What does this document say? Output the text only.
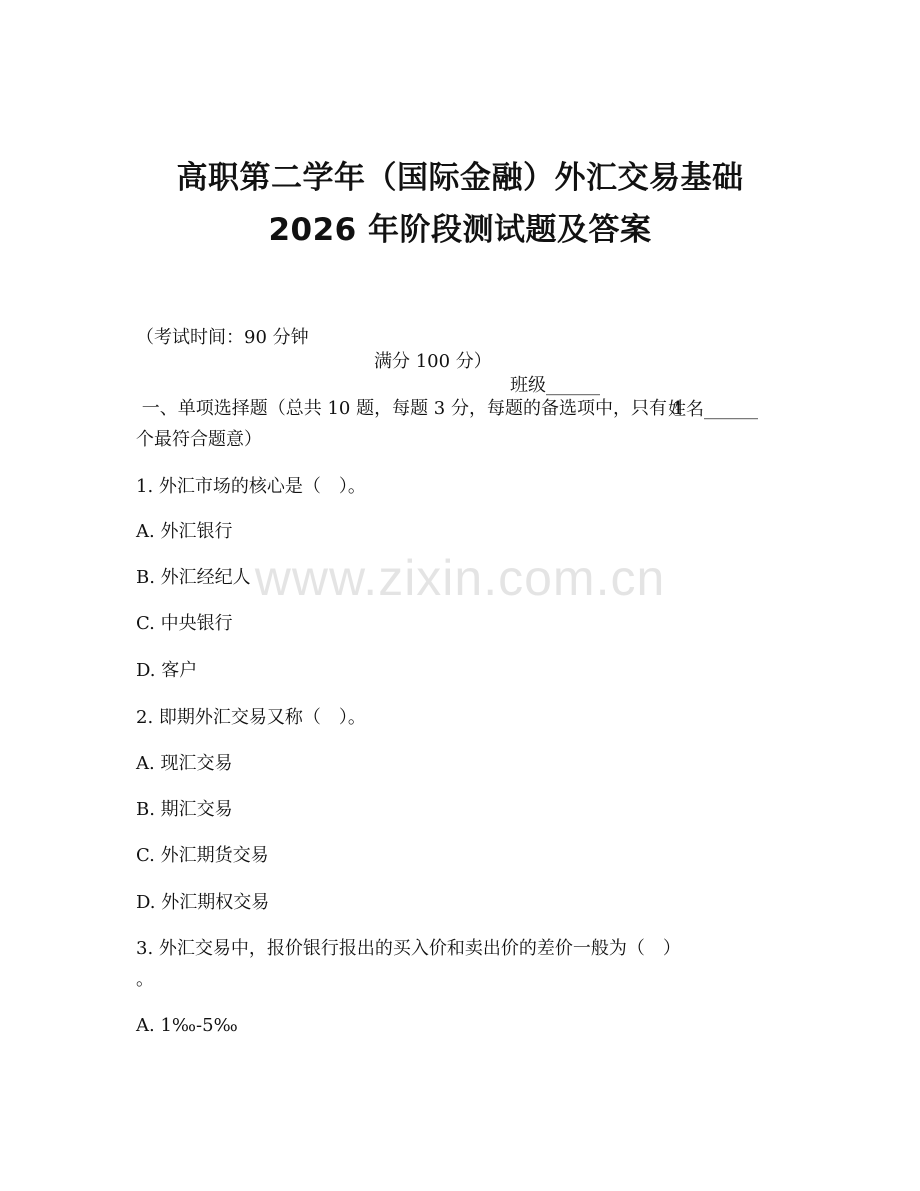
高职第二学年（国际金融）外汇交易基础
2026 年阶段测试题及答案

（考试时间：90 分钟

满分 100 分）

班级______

姓名______

一、单项选择题（总共 10 题，每题 3 分，每题的备选项中，只有 1
个最符合题意）
1. 外汇市场的核心是（　）。
A. 外汇银行
B. 外汇经纪人
C. 中央银行
D. 客户
2. 即期外汇交易又称（　）。
A. 现汇交易
B. 期汇交易
C. 外汇期货交易
D. 外汇期权交易
3. 外汇交易中，报价银行报出的买入价和卖出价的差价一般为（　）
。
A. 1‰-5‰
www.zixin.com.cn
